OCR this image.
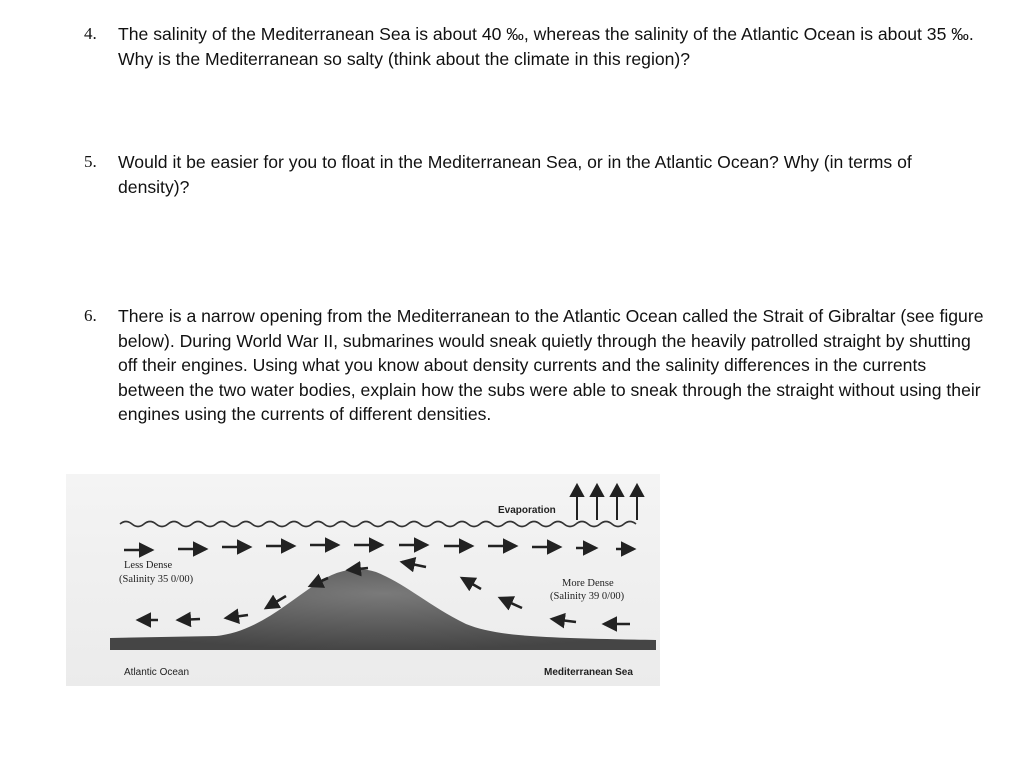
4. The salinity of the Mediterranean Sea is about 40 ‰, whereas the salinity of the Atlantic Ocean is about 35 ‰. Why is the Mediterranean so salty (think about the climate in this region)?
5. Would it be easier for you to float in the Mediterranean Sea, or in the Atlantic Ocean? Why (in terms of density)?
6. There is a narrow opening from the Mediterranean to the Atlantic Ocean called the Strait of Gibraltar (see figure below). During World War II, submarines would sneak quietly through the heavily patrolled straight by shutting off their engines. Using what you know about density currents and the salinity differences in the currents between the two water bodies, explain how the subs were able to sneak through the straight without using their engines using the currents of different densities.
Evaporation
Less Dense
(Salinity 35 0/00)	More Dense
(Salinity 39 0/00)
Atlantic Ocean	Mediterranean Sea
